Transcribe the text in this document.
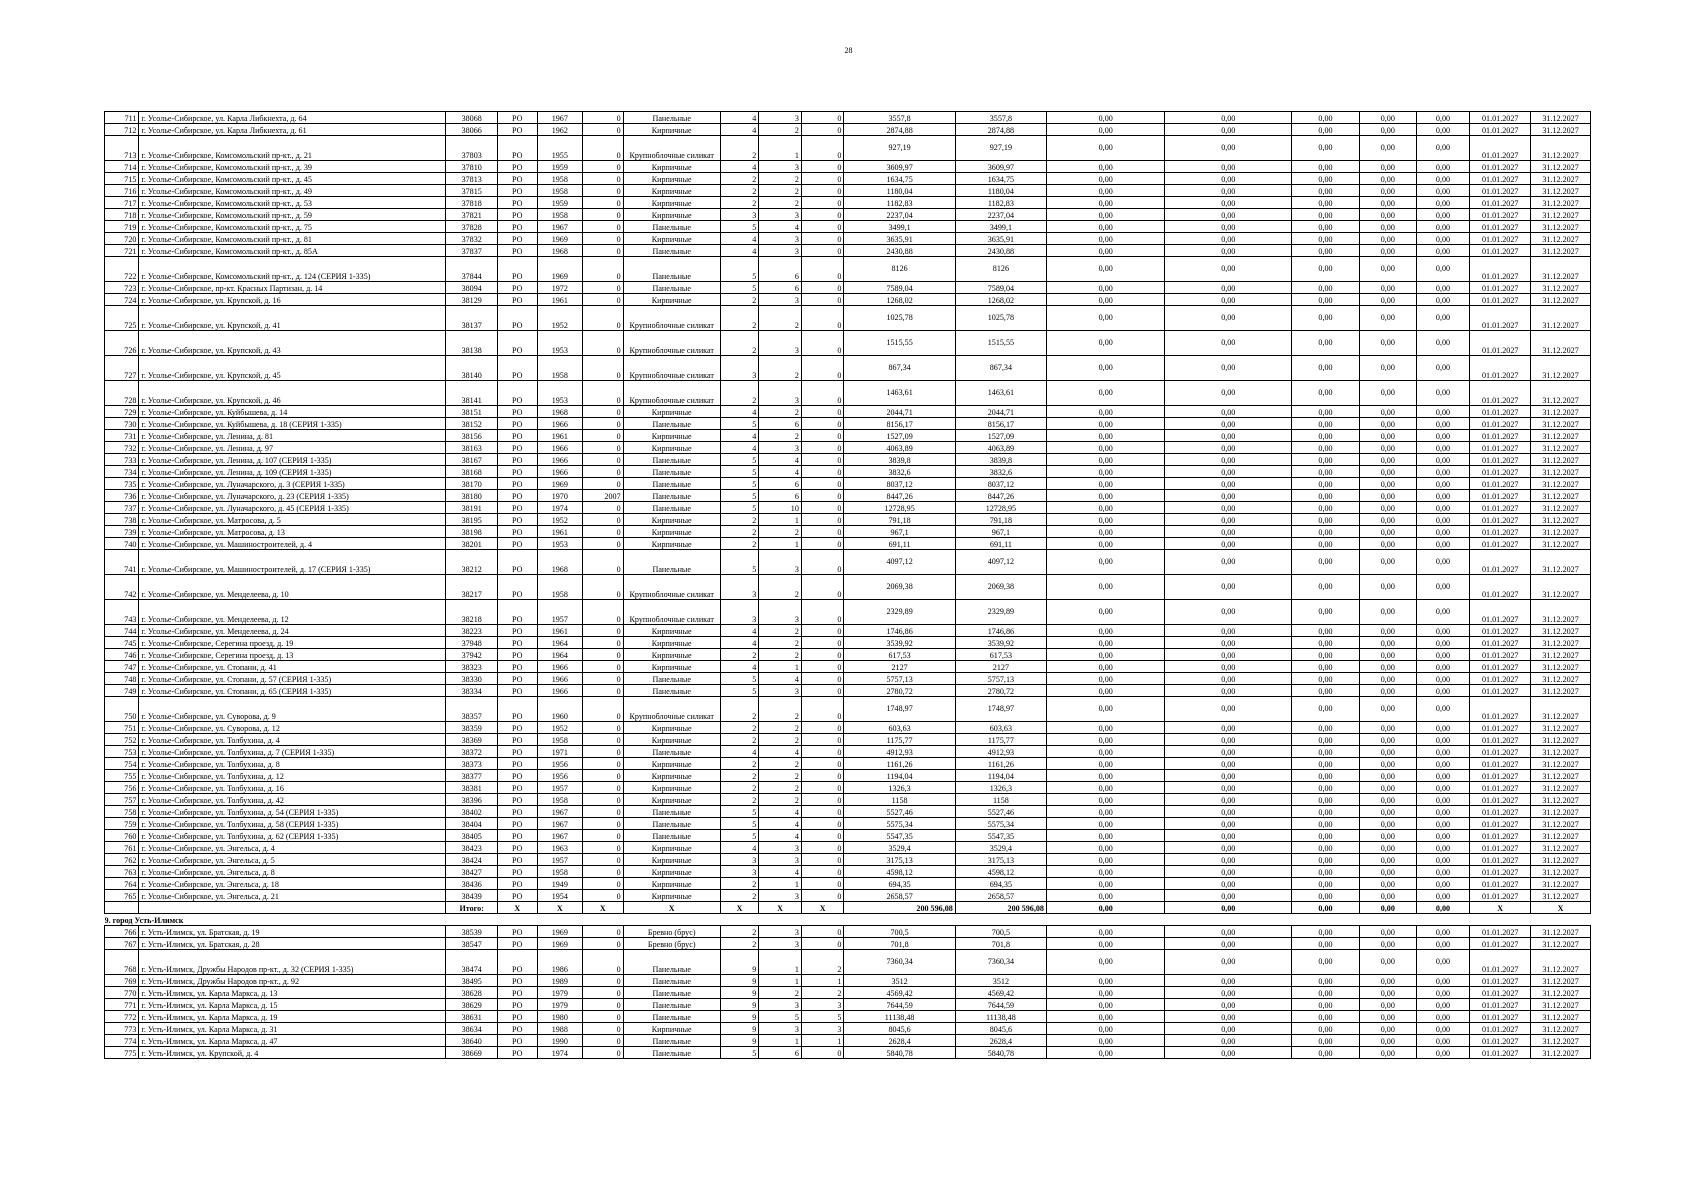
28
711	г. Усолье-Сибирское, ул. Карла Либкнехта, д. 64	38068	РО	1967	0	Панельные	4	3	0	3557,8	3557,8	0,00	0,00	0,00	0,00	0,00	01.01.2027	31.12.2027
712	г. Усолье-Сибирское, ул. Карла Либкнехта, д. 61	38066	РО	1962	0	Кирпичные	4	2	0	2874,88	2874,88	0,00	0,00	0,00	0,00	0,00	01.01.2027	31.12.2027
713	г. Усолье-Сибирское, Комсомольский пр-кт., д. 21	37803	РО	1955	0	Крупноблочные силикат	2	1	0	927,19	927,19	0,00	0,00	0,00	0,00	0,00	01.01.2027	31.12.2027
714	г. Усолье-Сибирское, Комсомольский пр-кт., д. 39	37810	РО	1959	0	Кирпичные	4	3	0	3609,97	3609,97	0,00	0,00	0,00	0,00	0,00	01.01.2027	31.12.2027
715	г. Усолье-Сибирское, Комсомольский пр-кт., д. 45	37813	РО	1958	0	Кирпичные	2	2	0	1634,75	1634,75	0,00	0,00	0,00	0,00	0,00	01.01.2027	31.12.2027
716	г. Усолье-Сибирское, Комсомольский пр-кт., д. 49	37815	РО	1958	0	Кирпичные	2	2	0	1180,04	1180,04	0,00	0,00	0,00	0,00	0,00	01.01.2027	31.12.2027
717	г. Усолье-Сибирское, Комсомольский пр-кт., д. 53	37818	РО	1959	0	Кирпичные	2	2	0	1182,83	1182,83	0,00	0,00	0,00	0,00	0,00	01.01.2027	31.12.2027
718	г. Усолье-Сибирское, Комсомольский пр-кт., д. 59	37821	РО	1958	0	Кирпичные	3	3	0	2237,04	2237,04	0,00	0,00	0,00	0,00	0,00	01.01.2027	31.12.2027
719	г. Усолье-Сибирское, Комсомольский пр-кт., д. 75	37828	РО	1967	0	Панельные	5	4	0	3499,1	3499,1	0,00	0,00	0,00	0,00	0,00	01.01.2027	31.12.2027
720	г. Усолье-Сибирское, Комсомольский пр-кт., д. 81	37832	РО	1969	0	Кирпичные	4	3	0	3635,91	3635,91	0,00	0,00	0,00	0,00	0,00	01.01.2027	31.12.2027
721	г. Усолье-Сибирское, Комсомольский пр-кт., д. 85А	37837	РО	1968	0	Панельные	4	3	0	2430,88	2430,88	0,00	0,00	0,00	0,00	0,00	01.01.2027	31.12.2027
722	г. Усолье-Сибирское, Комсомольский пр-кт., д. 124 (СЕРИЯ 1-335)	37844	РО	1969	0	Панельные	5	6	0	8126	8126	0,00	0,00	0,00	0,00	0,00	01.01.2027	31.12.2027
723	г. Усолье-Сибирское, пр-кт. Красных Партизан, д. 14	38094	РО	1972	0	Панельные	5	6	0	7589,04	7589,04	0,00	0,00	0,00	0,00	0,00	01.01.2027	31.12.2027
724	г. Усолье-Сибирское, ул. Крупской, д. 16	38129	РО	1961	0	Кирпичные	2	3	0	1268,02	1268,02	0,00	0,00	0,00	0,00	0,00	01.01.2027	31.12.2027
725	г. Усолье-Сибирское, ул. Крупской, д. 41	38137	РО	1952	0	Крупноблочные силикат	2	2	0	1025,78	1025,78	0,00	0,00	0,00	0,00	0,00	01.01.2027	31.12.2027
726	г. Усолье-Сибирское, ул. Крупской, д. 43	38138	РО	1953	0	Крупноблочные силикат	2	3	0	1515,55	1515,55	0,00	0,00	0,00	0,00	0,00	01.01.2027	31.12.2027
727	г. Усолье-Сибирское, ул. Крупской, д. 45	38140	РО	1958	0	Крупноблочные силикат	3	2	0	867,34	867,34	0,00	0,00	0,00	0,00	0,00	01.01.2027	31.12.2027
728	г. Усолье-Сибирское, ул. Крупской, д. 46	38141	РО	1953	0	Крупноблочные силикат	2	3	0	1463,61	1463,61	0,00	0,00	0,00	0,00	0,00	01.01.2027	31.12.2027
729	г. Усолье-Сибирское, ул. Куйбышева, д. 14	38151	РО	1968	0	Кирпичные	4	2	0	2044,71	2044,71	0,00	0,00	0,00	0,00	0,00	01.01.2027	31.12.2027
730	г. Усолье-Сибирское, ул. Куйбышева, д. 18 (СЕРИЯ 1-335)	38152	РО	1966	0	Панельные	5	6	0	8156,17	8156,17	0,00	0,00	0,00	0,00	0,00	01.01.2027	31.12.2027
731	г. Усолье-Сибирское, ул. Ленина, д. 81	38156	РО	1961	0	Кирпичные	4	2	0	1527,09	1527,09	0,00	0,00	0,00	0,00	0,00	01.01.2027	31.12.2027
732	г. Усолье-Сибирское, ул. Ленина, д. 97	38163	РО	1966	0	Кирпичные	4	3	0	4063,89	4063,89	0,00	0,00	0,00	0,00	0,00	01.01.2027	31.12.2027
733	г. Усолье-Сибирское, ул. Ленина, д. 107 (СЕРИЯ 1-335)	38167	РО	1966	0	Панельные	5	4	0	3839,8	3839,8	0,00	0,00	0,00	0,00	0,00	01.01.2027	31.12.2027
734	г. Усолье-Сибирское, ул. Ленина, д. 109 (СЕРИЯ 1-335)	38168	РО	1966	0	Панельные	5	4	0	3832,6	3832,6	0,00	0,00	0,00	0,00	0,00	01.01.2027	31.12.2027
735	г. Усолье-Сибирское, ул. Луначарского, д. 3 (СЕРИЯ 1-335)	38170	РО	1969	0	Панельные	5	6	0	8037,12	8037,12	0,00	0,00	0,00	0,00	0,00	01.01.2027	31.12.2027
736	г. Усолье-Сибирское, ул. Луначарского, д. 23 (СЕРИЯ 1-335)	38180	РО	1970	2007	Панельные	5	6	0	8447,26	8447,26	0,00	0,00	0,00	0,00	0,00	01.01.2027	31.12.2027
737	г. Усолье-Сибирское, ул. Луначарского, д. 45 (СЕРИЯ 1-335)	38191	РО	1974	0	Панельные	5	10	0	12728,95	12728,95	0,00	0,00	0,00	0,00	0,00	01.01.2027	31.12.2027
738	г. Усолье-Сибирское, ул. Матросова, д. 5	38195	РО	1952	0	Кирпичные	2	1	0	791,18	791,18	0,00	0,00	0,00	0,00	0,00	01.01.2027	31.12.2027
739	г. Усолье-Сибирское, ул. Матросова, д. 13	38198	РО	1961	0	Кирпичные	2	2	0	967,1	967,1	0,00	0,00	0,00	0,00	0,00	01.01.2027	31.12.2027
740	г. Усолье-Сибирское, ул. Машиностроителей, д. 4	38201	РО	1953	0	Кирпичные	2	1	0	691,11	691,11	0,00	0,00	0,00	0,00	0,00	01.01.2027	31.12.2027
741	г. Усолье-Сибирское, ул. Машиностроителей, д. 17 (СЕРИЯ 1-335)	38212	РО	1968	0	Панельные	5	3	0	4097,12	4097,12	0,00	0,00	0,00	0,00	0,00	01.01.2027	31.12.2027
742	г. Усолье-Сибирское, ул. Менделеева, д. 10	38217	РО	1958	0	Крупноблочные силикат	3	2	0	2069,38	2069,38	0,00	0,00	0,00	0,00	0,00	01.01.2027	31.12.2027
743	г. Усолье-Сибирское, ул. Менделеева, д. 12	38218	РО	1957	0	Крупноблочные силикат	3	3	0	2329,89	2329,89	0,00	0,00	0,00	0,00	0,00	01.01.2027	31.12.2027
744	г. Усолье-Сибирское, ул. Менделеева, д. 24	38223	РО	1961	0	Кирпичные	4	2	0	1746,86	1746,86	0,00	0,00	0,00	0,00	0,00	01.01.2027	31.12.2027
745	г. Усолье-Сибирское, Серегина проезд, д. 19	37948	РО	1964	0	Кирпичные	4	2	0	3539,92	3539,92	0,00	0,00	0,00	0,00	0,00	01.01.2027	31.12.2027
746	г. Усолье-Сибирское, Серегина проезд, д. 13	37942	РО	1964	0	Кирпичные	2	2	0	617,53	617,53	0,00	0,00	0,00	0,00	0,00	01.01.2027	31.12.2027
747	г. Усолье-Сибирское, ул. Стопани, д. 41	38323	РО	1966	0	Кирпичные	4	1	0	2127	2127	0,00	0,00	0,00	0,00	0,00	01.01.2027	31.12.2027
748	г. Усолье-Сибирское, ул. Стопани, д. 57 (СЕРИЯ 1-335)	38330	РО	1966	0	Панельные	5	4	0	5757,13	5757,13	0,00	0,00	0,00	0,00	0,00	01.01.2027	31.12.2027
749	г. Усолье-Сибирское, ул. Стопани, д. 65 (СЕРИЯ 1-335)	38334	РО	1966	0	Панельные	5	3	0	2780,72	2780,72	0,00	0,00	0,00	0,00	0,00	01.01.2027	31.12.2027
750	г. Усолье-Сибирское, ул. Суворова, д. 9	38357	РО	1960	0	Крупноблочные силикат	2	2	0	1748,97	1748,97	0,00	0,00	0,00	0,00	0,00	01.01.2027	31.12.2027
751	г. Усолье-Сибирское, ул. Суворова, д. 12	38359	РО	1952	0	Кирпичные	2	2	0	603,63	603,63	0,00	0,00	0,00	0,00	0,00	01.01.2027	31.12.2027
752	г. Усолье-Сибирское, ул. Толбухина, д. 4	38369	РО	1958	0	Кирпичные	2	2	0	1175,77	1175,77	0,00	0,00	0,00	0,00	0,00	01.01.2027	31.12.2027
753	г. Усолье-Сибирское, ул. Толбухина, д. 7 (СЕРИЯ 1-335)	38372	РО	1971	0	Панельные	4	4	0	4912,93	4912,93	0,00	0,00	0,00	0,00	0,00	01.01.2027	31.12.2027
754	г. Усолье-Сибирское, ул. Толбухина, д. 8	38373	РО	1956	0	Кирпичные	2	2	0	1161,26	1161,26	0,00	0,00	0,00	0,00	0,00	01.01.2027	31.12.2027
755	г. Усолье-Сибирское, ул. Толбухина, д. 12	38377	РО	1956	0	Кирпичные	2	2	0	1194,04	1194,04	0,00	0,00	0,00	0,00	0,00	01.01.2027	31.12.2027
756	г. Усолье-Сибирское, ул. Толбухина, д. 16	38381	РО	1957	0	Кирпичные	2	2	0	1326,3	1326,3	0,00	0,00	0,00	0,00	0,00	01.01.2027	31.12.2027
757	г. Усолье-Сибирское, ул. Толбухина, д. 42	38396	РО	1958	0	Кирпичные	2	2	0	1158	1158	0,00	0,00	0,00	0,00	0,00	01.01.2027	31.12.2027
758	г. Усолье-Сибирское, ул. Толбухина, д. 54 (СЕРИЯ 1-335)	38402	РО	1967	0	Панельные	5	4	0	5527,46	5527,46	0,00	0,00	0,00	0,00	0,00	01.01.2027	31.12.2027
759	г. Усолье-Сибирское, ул. Толбухина, д. 58 (СЕРИЯ 1-335)	38404	РО	1967	0	Панельные	5	4	0	5575,34	5575,34	0,00	0,00	0,00	0,00	0,00	01.01.2027	31.12.2027
760	г. Усолье-Сибирское, ул. Толбухина, д. 62 (СЕРИЯ 1-335)	38405	РО	1967	0	Панельные	5	4	0	5547,35	5547,35	0,00	0,00	0,00	0,00	0,00	01.01.2027	31.12.2027
761	г. Усолье-Сибирское, ул. Энгельса, д. 4	38423	РО	1963	0	Кирпичные	4	3	0	3529,4	3529,4	0,00	0,00	0,00	0,00	0,00	01.01.2027	31.12.2027
762	г. Усолье-Сибирское, ул. Энгельса, д. 5	38424	РО	1957	0	Кирпичные	3	3	0	3175,13	3175,13	0,00	0,00	0,00	0,00	0,00	01.01.2027	31.12.2027
763	г. Усолье-Сибирское, ул. Энгельса, д. 8	38427	РО	1958	0	Кирпичные	3	4	0	4598,12	4598,12	0,00	0,00	0,00	0,00	0,00	01.01.2027	31.12.2027
764	г. Усолье-Сибирское, ул. Энгельса, д. 18	38436	РО	1949	0	Кирпичные	2	1	0	694,35	694,35	0,00	0,00	0,00	0,00	0,00	01.01.2027	31.12.2027
765	г. Усолье-Сибирское, ул. Энгельса, д. 21	38439	РО	1954	0	Кирпичные	2	3	0	2658,57	2658,57	0,00	0,00	0,00	0,00	0,00	01.01.2027	31.12.2027
		Итого:	Х	Х	Х	Х	Х	Х	Х	200 596,08	200 596,08	0,00	0,00	0,00	0,00	0,00	Х	Х
9. город Усть-Илимск																		
766	г. Усть-Илимск, ул. Братская, д. 19	38539	РО	1969	0	Бревно (брус)	2	3	0	700,5	700,5	0,00	0,00	0,00	0,00	0,00	01.01.2027	31.12.2027
767	г. Усть-Илимск, ул. Братская, д. 28	38547	РО	1969	0	Бревно (брус)	2	3	0	701,8	701,8	0,00	0,00	0,00	0,00	0,00	01.01.2027	31.12.2027
768	г. Усть-Илимск, Дружбы Народов пр-кт., д. 32 (СЕРИЯ 1-335)	38474	РО	1986	0	Панельные	9	1	2	7360,34	7360,34	0,00	0,00	0,00	0,00	0,00	01.01.2027	31.12.2027
769	г. Усть-Илимск, Дружбы Народов пр-кт., д. 92	38495	РО	1989	0	Панельные	9	1	1	3512	3512	0,00	0,00	0,00	0,00	0,00	01.01.2027	31.12.2027
770	г. Усть-Илимск, ул. Карла Маркса, д. 13	38628	РО	1979	0	Панельные	9	2	2	4569,42	4569,42	0,00	0,00	0,00	0,00	0,00	01.01.2027	31.12.2027
771	г. Усть-Илимск, ул. Карла Маркса, д. 15	38629	РО	1979	0	Панельные	9	3	3	7644,59	7644,59	0,00	0,00	0,00	0,00	0,00	01.01.2027	31.12.2027
772	г. Усть-Илимск, ул. Карла Маркса, д. 19	38631	РО	1980	0	Панельные	9	5	5	11138,48	11138,48	0,00	0,00	0,00	0,00	0,00	01.01.2027	31.12.2027
773	г. Усть-Илимск, ул. Карла Маркса, д. 31	38634	РО	1988	0	Кирпичные	9	3	3	8045,6	8045,6	0,00	0,00	0,00	0,00	0,00	01.01.2027	31.12.2027
774	г. Усть-Илимск, ул. Карла Маркса, д. 47	38640	РО	1990	0	Панельные	9	1	1	2628,4	2628,4	0,00	0,00	0,00	0,00	0,00	01.01.2027	31.12.2027
775	г. Усть-Илимск, ул. Крупской, д. 4	38669	РО	1974	0	Панельные	5	6	0	5840,78	5840,78	0,00	0,00	0,00	0,00	0,00	01.01.2027	31.12.2027
